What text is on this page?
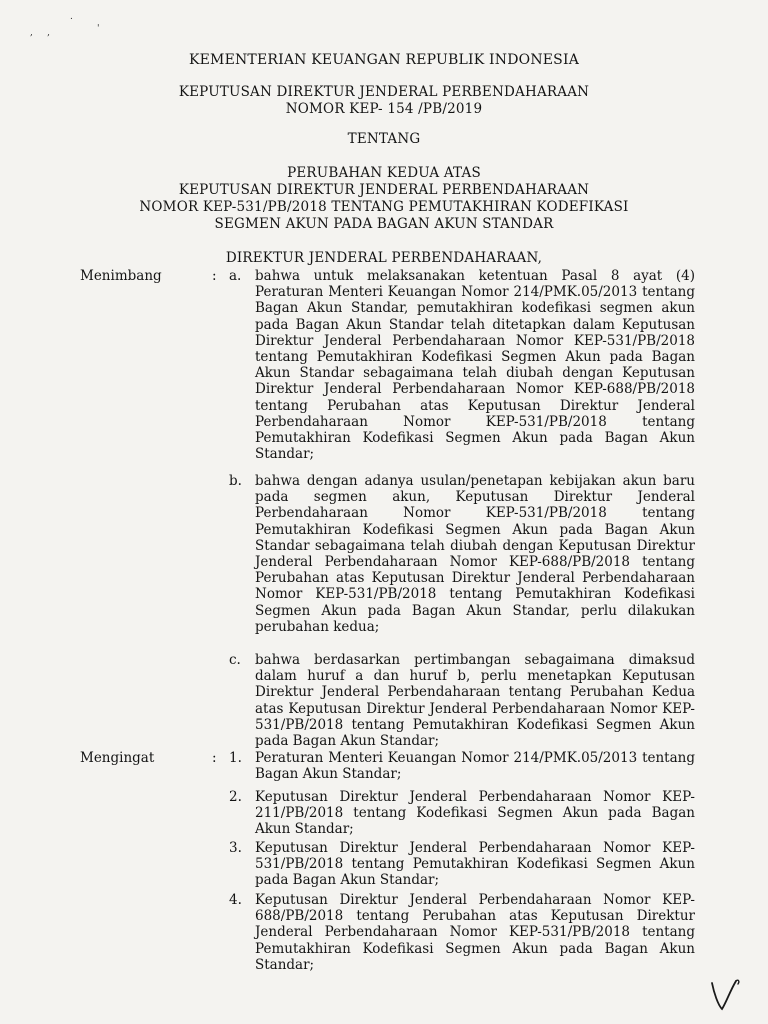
,     ,
.
'
KEMENTERIAN KEUANGAN REPUBLIK INDONESIA
KEPUTUSAN DIREKTUR JENDERAL PERBENDAHARAAN
NOMOR KEP- 154 /PB/2019
TENTANG
PERUBAHAN KEDUA ATAS
KEPUTUSAN DIREKTUR JENDERAL PERBENDAHARAAN
NOMOR KEP-531/PB/2018 TENTANG PEMUTAKHIRAN KODEFIKASI
SEGMEN AKUN PADA BAGAN AKUN STANDAR
DIREKTUR JENDERAL PERBENDAHARAAN,
Menimbang	: a. bahwa untuk melaksanakan ketentuan Pasal 8 ayat (4) Peraturan Menteri Keuangan Nomor 214/PMK.05/2013 tentang Bagan Akun Standar, pemutakhiran kodefikasi segmen akun pada Bagan Akun Standar telah ditetapkan dalam Keputusan Direktur Jenderal Perbendaharaan Nomor KEP-531/PB/2018 tentang Pemutakhiran Kodefikasi Segmen Akun pada Bagan Akun Standar sebagaimana telah diubah dengan Keputusan Direktur Jenderal Perbendaharaan Nomor KEP-688/PB/2018 tentang Perubahan atas Keputusan Direktur Jenderal Perbendaharaan Nomor KEP-531/PB/2018 tentang Pemutakhiran Kodefikasi Segmen Akun pada Bagan Akun Standar;

b. bahwa dengan adanya usulan/penetapan kebijakan akun baru pada segmen akun, Keputusan Direktur Jenderal Perbendaharaan Nomor KEP-531/PB/2018 tentang Pemutakhiran Kodefikasi Segmen Akun pada Bagan Akun Standar sebagaimana telah diubah dengan Keputusan Direktur Jenderal Perbendaharaan Nomor KEP-688/PB/2018 tentang Perubahan atas Keputusan Direktur Jenderal Perbendaharaan Nomor KEP-531/PB/2018 tentang Pemutakhiran Kodefikasi Segmen Akun pada Bagan Akun Standar, perlu dilakukan perubahan kedua;

c. bahwa berdasarkan pertimbangan sebagaimana dimaksud dalam huruf a dan huruf b, perlu menetapkan Keputusan Direktur Jenderal Perbendaharaan tentang Perubahan Kedua atas Keputusan Direktur Jenderal Perbendaharaan Nomor KEP-531/PB/2018 tentang Pemutakhiran Kodefikasi Segmen Akun pada Bagan Akun Standar;

Mengingat	: 1. Peraturan Menteri Keuangan Nomor 214/PMK.05/2013 tentang Bagan Akun Standar;

2. Keputusan Direktur Jenderal Perbendaharaan Nomor KEP-211/PB/2018 tentang Kodefikasi Segmen Akun pada Bagan Akun Standar;

3. Keputusan Direktur Jenderal Perbendaharaan Nomor KEP-531/PB/2018 tentang Pemutakhiran Kodefikasi Segmen Akun pada Bagan Akun Standar;

4. Keputusan Direktur Jenderal Perbendaharaan Nomor KEP-688/PB/2018 tentang Perubahan atas Keputusan Direktur Jenderal Perbendaharaan Nomor KEP-531/PB/2018 tentang Pemutakhiran Kodefikasi Segmen Akun pada Bagan Akun Standar;
